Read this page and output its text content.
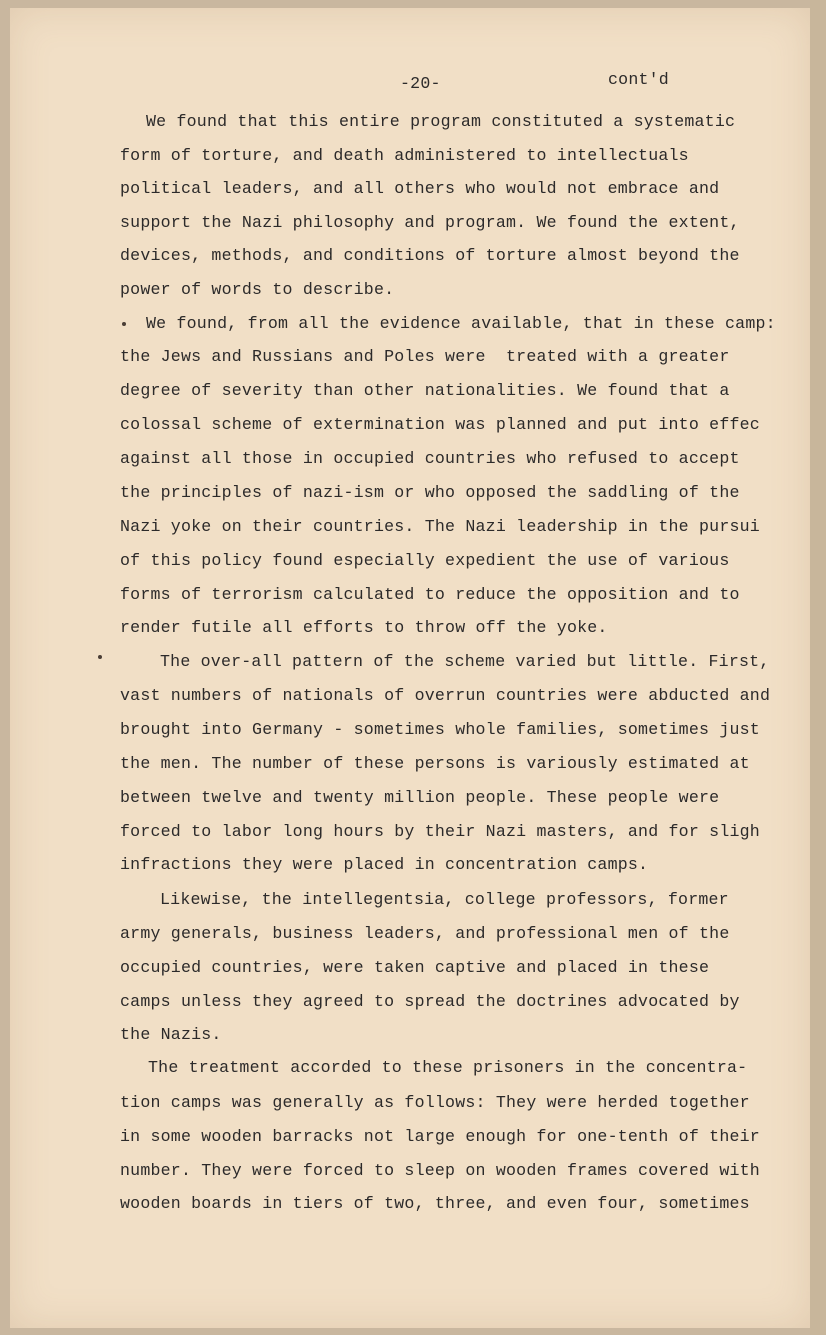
-20-	cont'd
We found that this entire program constituted a systematic
form of torture, and death administered to intellectuals
political leaders, and all others who would not embrace and
support the Nazi philosophy and program. We found the extent,
devices, methods, and conditions of torture almost beyond the
power of words to describe.
We found, from all the evidence available, that in these camp:
the Jews and Russians and Poles were  treated with a greater
degree of severity than other nationalities. We found that a
colossal scheme of extermination was planned and put into effec
against all those in occupied countries who refused to accept
the principles of nazi-ism or who opposed the saddling of the
Nazi yoke on their countries. The Nazi leadership in the pursui
of this policy found especially expedient the use of various
forms of terrorism calculated to reduce the opposition and to
render futile all efforts to throw off the yoke.
The over-all pattern of the scheme varied but little. First,
vast numbers of nationals of overrun countries were abducted and
brought into Germany - sometimes whole families, sometimes just
the men. The number of these persons is variously estimated at
between twelve and twenty million people. These people were
forced to labor long hours by their Nazi masters, and for sligh
infractions they were placed in concentration camps.
Likewise, the intellegentsia, college professors, former
army generals, business leaders, and professional men of the
occupied countries, were taken captive and placed in these
camps unless they agreed to spread the doctrines advocated by
the Nazis.
The treatment accorded to these prisoners in the concentra-
tion camps was generally as follows: They were herded together
in some wooden barracks not large enough for one-tenth of their
number. They were forced to sleep on wooden frames covered with
wooden boards in tiers of two, three, and even four, sometimes
